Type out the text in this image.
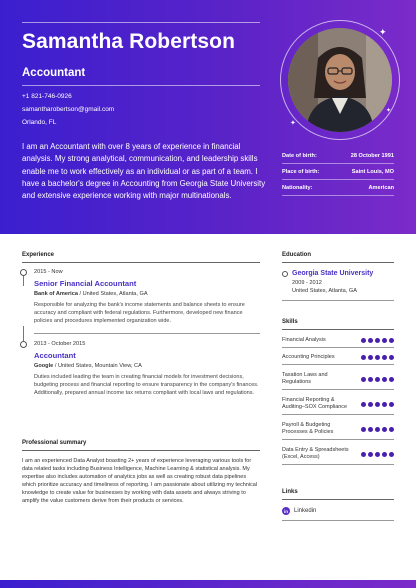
Samantha Robertson
Accountant
+1 821-746-0926
samantharobertson@gmail.com
Orlando, FL
I am an Accountant with over 8 years of experience in financial analysis. My strong analytical, communication, and leadership skills enable me to work effectively as an individual or as part of a team. I have a bachelor's degree in Accounting from Georgia State University and extensive experience working with major multinationals.
✦
✦
✦
Date of birth:	28 October 1991
Place of birth:	Saint Louis, MO
Nationality:	American
Experience
2015 - Now
Senior Financial Accountant
Bank of America / United States, Atlanta, GA
Responsible for analyzing the bank's income statements and balance sheets to ensure accuracy and compliant with federal regulations. Furthermore, developed new finance policies and procedures implemented organization wide.
2013 - October 2015
Accountant
Google / United States, Mountain View, CA
Duties included leading the team in creating financial models for investment decisions, budgeting process and financial reporting to ensure transparency in the company's finances. Additionally, prepared annual income tax returns compliant with local laws and regulations.
Professional summary
I am an experienced Data Analyst boasting 2+ years of experience leveraging various tools for data related tasks including Business Intelligence, Machine Learning & statistical analysis. My expertise also includes automation of analytics jobs as well as creating robust data pipelines which prioritize accuracy and timeliness of reporting. I am passionate about utilizing my technical knowledge to create value for businesses by working with data assets and always striving to amplify the value customers derive from their products or services.
Education
Georgia State University
2009 - 2012
United States, Atlanta, GA
Skills
Financial Analysis
Accounting Principles
Taxation Laws and Regulations
Financial Reporting & Auditing–SOX Compliance
Payroll & Budgeting Processes & Policies
Data Entry & Spreadsheets (Excel, Access)
Links
in	Linkedin
